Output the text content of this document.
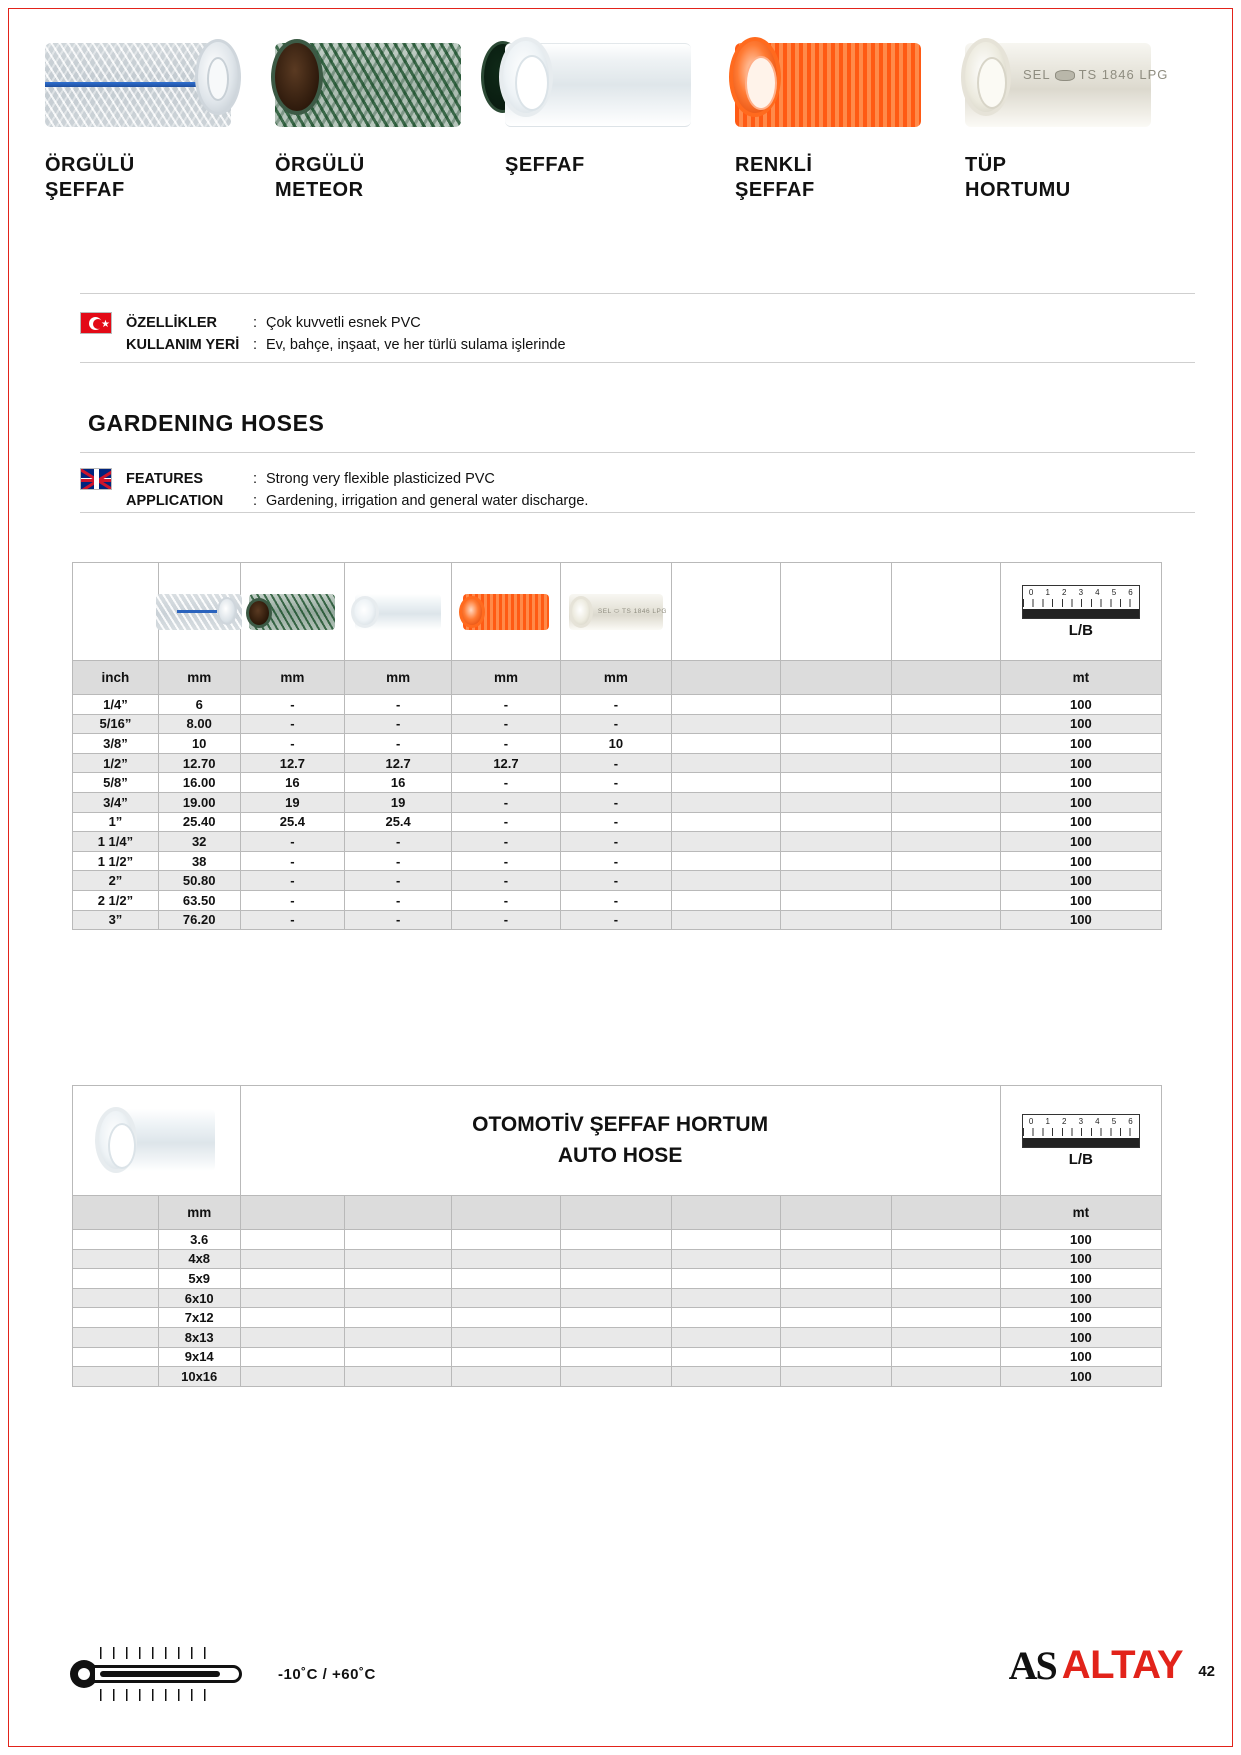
ÖRGÜLÜ
ŞEFFAF
ÖRGÜLÜ
METEOR
ŞEFFAF	RENKLİ
ŞEFFAF
SEL TS 1846 LPG
TÜP
HORTUMU
★ ÖZELLİKLER
KULLANIM YERİ
:
:
Çok kuvvetli esnek PVC
Ev, bahçe, inşaat, ve her türlü sulama işlerinde
GARDENING HOSES
FEATURES
APPLICATION
:
:
Strong very flexible plasticized PVC
Gardening, irrigation and general water discharge.

SEL ⬭ TS 1846 LPG

0 1 2 3 4 5 6
L/B

inch	mm	mm	mm	mm	mm				mt
1/4”	6	-	-	-	-				100
5/16”	8.00	-	-	-	-				100
3/8”	10	-	-	-	10				100
1/2”	12.70	12.7	12.7	12.7	-				100
5/8”	16.00	16	16	-	-				100
3/4”	19.00	19	19	-	-				100
1”	25.40	25.4	25.4	-	-				100
1 1/4”	32	-	-	-	-				100
1 1/2”	38	-	-	-	-				100
2”	50.80	-	-	-	-				100
2 1/2”	63.50	-	-	-	-				100
3”	76.20	-	-	-	-				100

OTOMOTİV ŞEFFAF HORTUM
AUTO HOSE

0 1 2 3 4 5 6
L/B

	mm								mt
	3.6								100
	4x8								100
	5x9								100
	6x10								100
	7x12								100
	8x13								100
	9x14								100
	10x16								100
-10˚C / +60˚C	AS ALTAY 42
